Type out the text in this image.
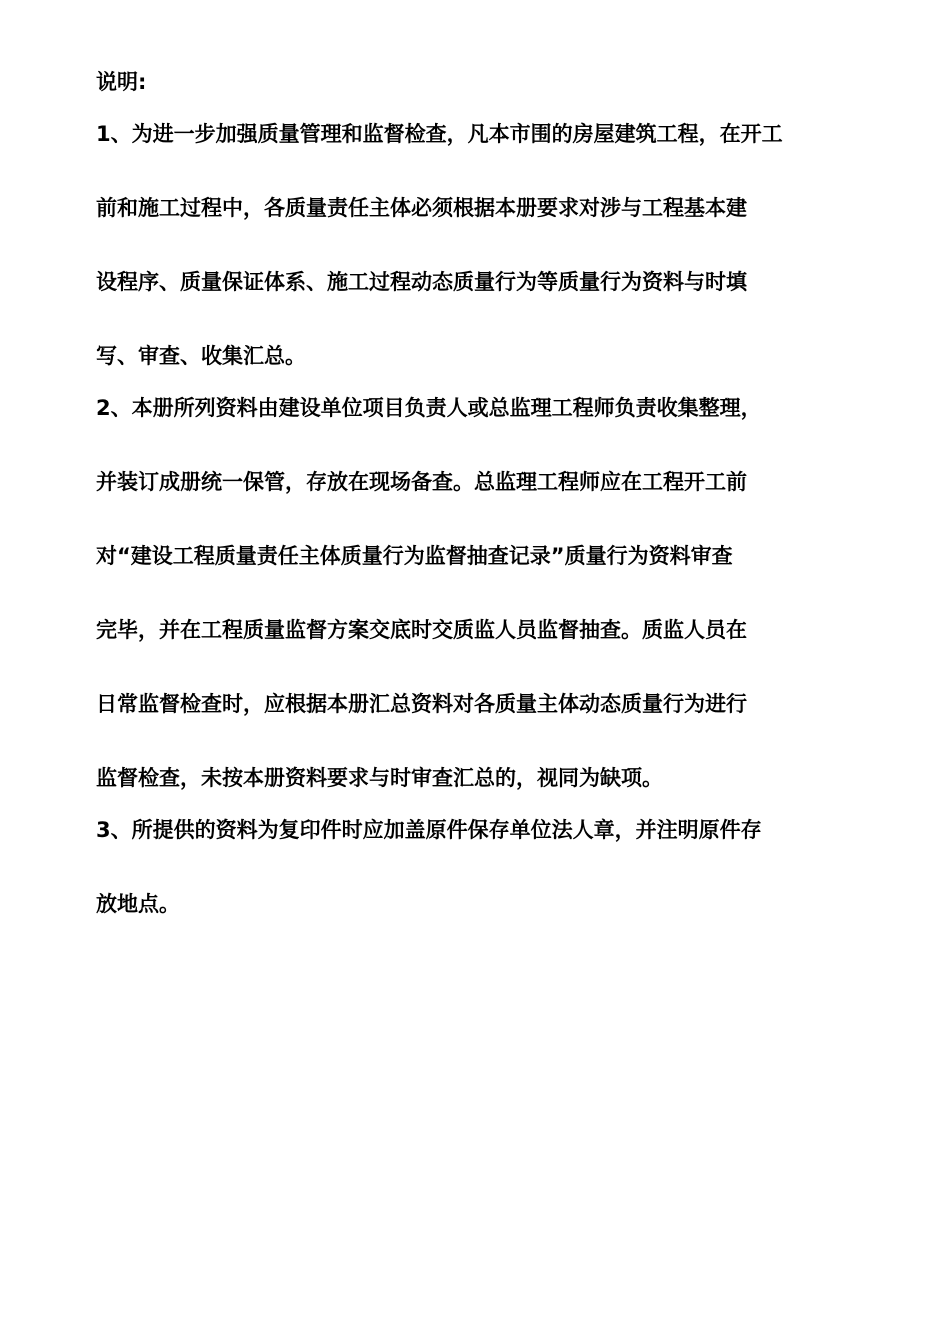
说明:
1、为进一步加强质量管理和监督检查，凡本市围的房屋建筑工程，在开工
前和施工过程中，各质量责任主体必须根据本册要求对涉与工程基本建
设程序、质量保证体系、施工过程动态质量行为等质量行为资料与时填
写、审查、收集汇总。
2、本册所列资料由建设单位项目负责人或总监理工程师负责收集整理，
并装订成册统一保管，存放在现场备查。总监理工程师应在工程开工前
对“建设工程质量责任主体质量行为监督抽查记录”质量行为资料审查
完毕，并在工程质量监督方案交底时交质监人员监督抽查。质监人员在
日常监督检查时，应根据本册汇总资料对各质量主体动态质量行为进行
监督检查，未按本册资料要求与时审查汇总的，视同为缺项。
3、所提供的资料为复印件时应加盖原件保存单位法人章，并注明原件存
放地点。
